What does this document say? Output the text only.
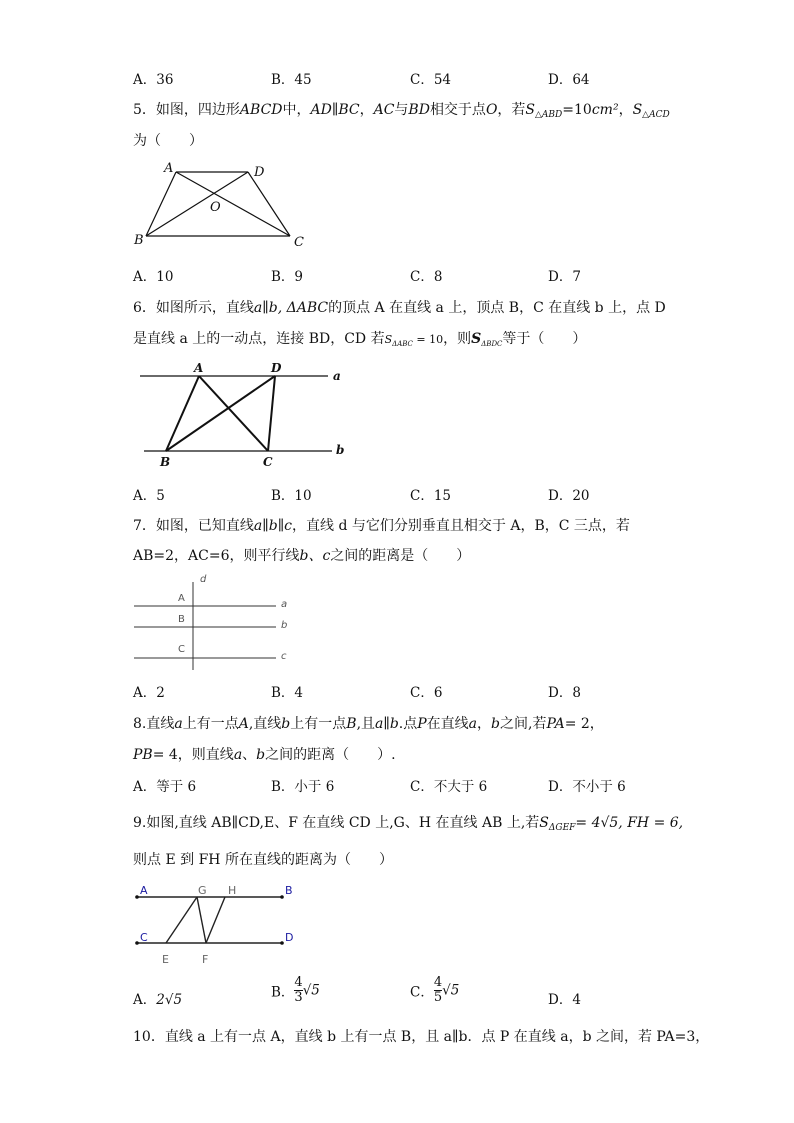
A．36	B．45	C．54	D．64
5．如图，四边形ABCD中，AD∥BC，AC与BD相交于点O，若$S_{\triangle ABD}=10cm^2$，$S_{\triangle ACD}$
为（　　）
A	D
O
B	C
A．10	B．9	C．8	D．7
6．如图所示，直线a∥b, ΔABC的顶点 A 在直线 a 上，顶点 B，C 在直线 b 上，点 D
是直线 a 上的一动点，连接 BD，CD 若$S_{\Delta ABC} = 10$，则$S_{\Delta BDC}$等于（　　）
A	D
a
B	C
b
A．5	B．10	C．15	D．20
7．如图，已知直线a∥b∥c，直线 d 与它们分别垂直且相交于 A，B，C 三点，若
AB=2，AC=6，则平行线b、c之间的距离是（　　）
d
A
B
C
a
b
c
A．2	B．4	C．6	D．8
8.直线a上有一点A,直线b上有一点B,且a∥b.点P在直线a，b之间,若PA= 2，
PB= 4，则直线a、b之间的距离（　　）.
A．等于 6	B．小于 6	C．不大于 6	D．不小于 6
9.如图,直线 AB∥CD,E、F 在直线 CD 上,G、H 在直线 AB 上,若$S_{\Delta GEF}= 4√5$, FH = 6,
则点 E 到 FH 所在直线的距离为（　　）
A	B
C	D
G H
E	F
A．2√5	B． $\frac{4}{3} √5$	C． $\frac{4}{5} √5$
D．4
10．直线 a 上有一点 A，直线 b 上有一点 B，且 a∥b．点 P 在直线 a，b 之间，若 PA=3，
